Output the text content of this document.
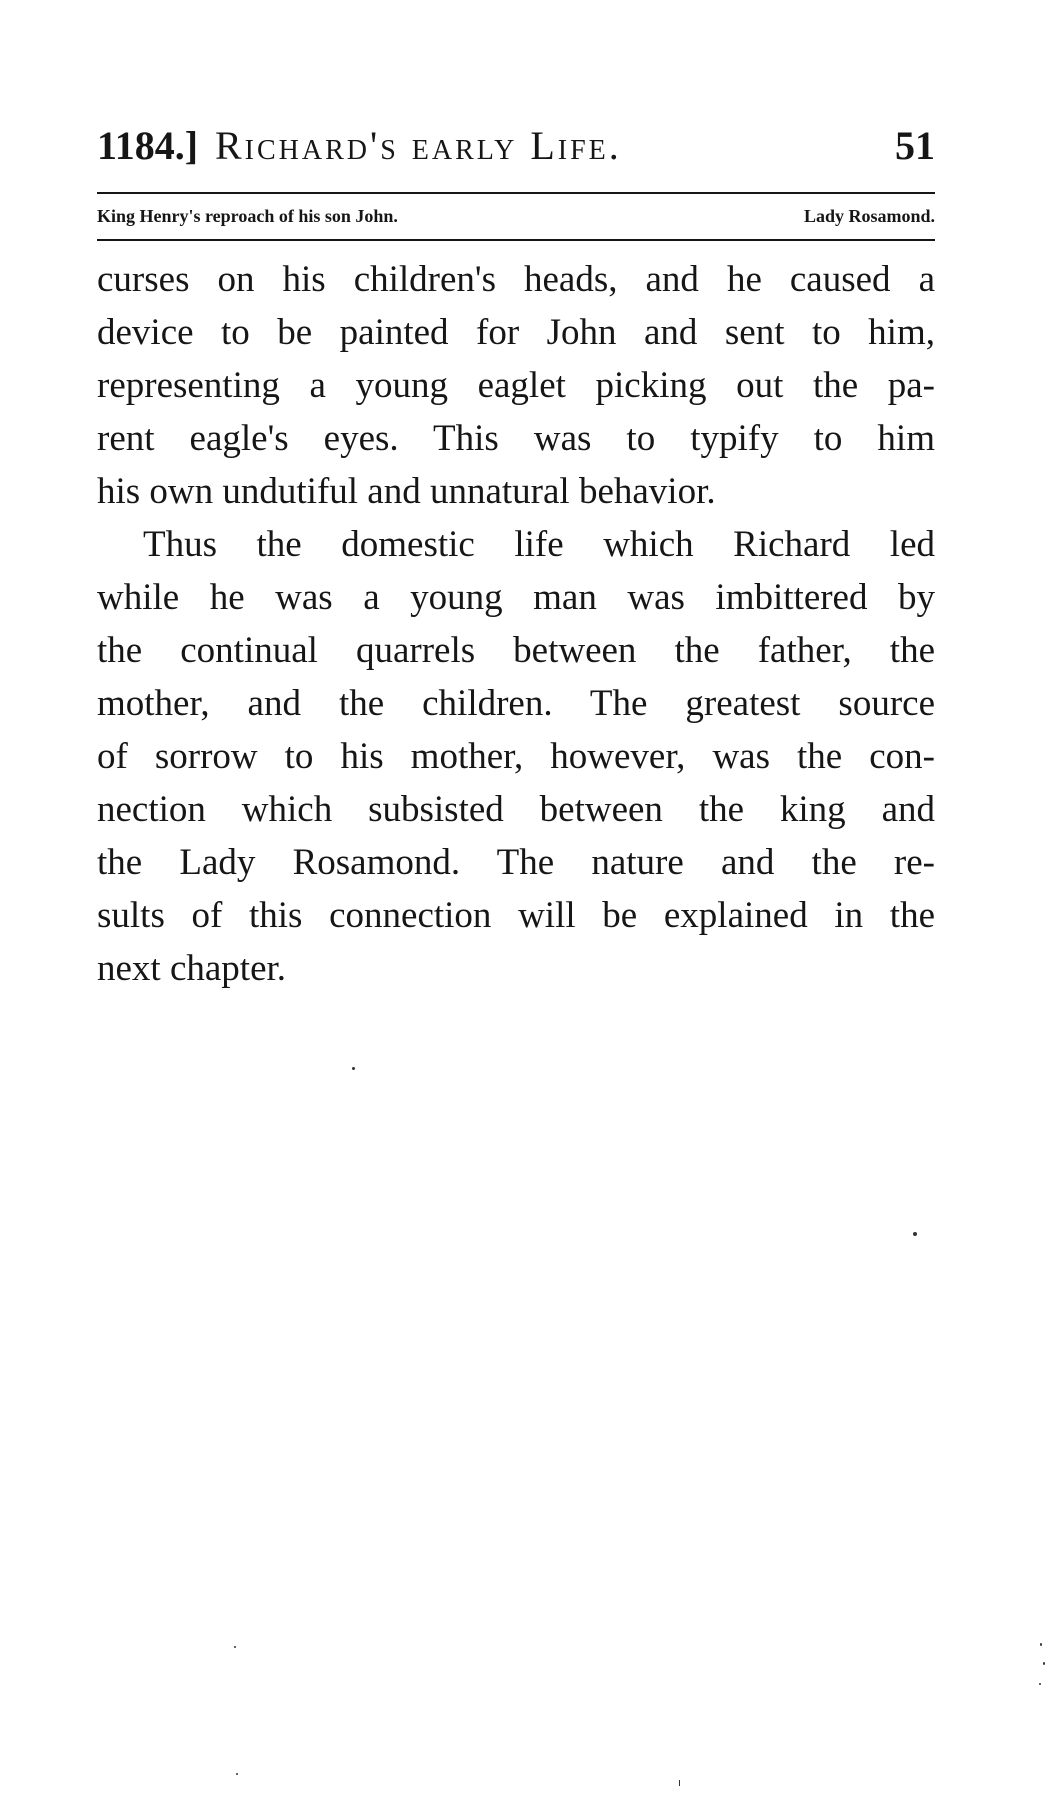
1184.] Richard's early Life.	51
King Henry's reproach of his son John.	Lady Rosamond.
curses on his children's heads, and he caused a
device to be painted for John and sent to him,
representing a young eaglet picking out the pa-
rent eagle's eyes. This was to typify to him
his own undutiful and unnatural behavior.
Thus the domestic life which Richard led
while he was a young man was imbittered by
the continual quarrels between the father, the
mother, and the children. The greatest source
of sorrow to his mother, however, was the con-
nection which subsisted between the king and
the Lady Rosamond. The nature and the re-
sults of this connection will be explained in the
next chapter.
